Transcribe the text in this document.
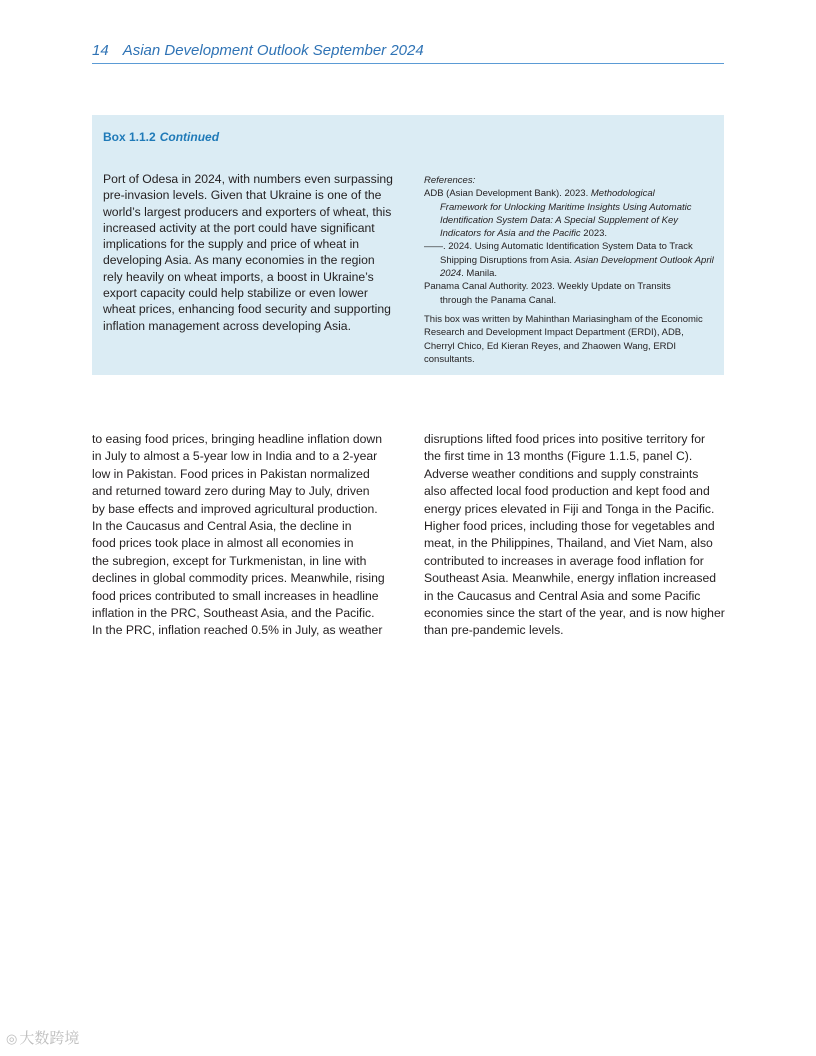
14 Asian Development Outlook September 2024
Box 1.1.2 Continued
Port of Odesa in 2024, with numbers even surpassing
pre-invasion levels. Given that Ukraine is one of the
world’s largest producers and exporters of wheat, this
increased activity at the port could have significant
implications for the supply and price of wheat in
developing Asia. As many economies in the region
rely heavily on wheat imports, a boost in Ukraine’s
export capacity could help stabilize or even lower
wheat prices, enhancing food security and supporting
inflation management across developing Asia.
References:
ADB (Asian Development Bank). 2023. Methodological
Framework for Unlocking Maritime Insights Using Automatic
Identification System Data: A Special Supplement of Key
Indicators for Asia and the Pacific 2023.
——. 2024. Using Automatic Identification System Data to Track
Shipping Disruptions from Asia. Asian Development Outlook April
2024. Manila.
Panama Canal Authority. 2023. Weekly Update on Transits
through the Panama Canal.
This box was written by Mahinthan Mariasingham of the Economic
Research and Development Impact Department (ERDI), ADB,
Cherryl Chico, Ed Kieran Reyes, and Zhaowen Wang, ERDI
consultants.
to easing food prices, bringing headline inflation down
in July to almost a 5-year low in India and to a 2-year
low in Pakistan. Food prices in Pakistan normalized
and returned toward zero during May to July, driven
by base effects and improved agricultural production.
In the Caucasus and Central Asia, the decline in
food prices took place in almost all economies in
the subregion, except for Turkmenistan, in line with
declines in global commodity prices. Meanwhile, rising
food prices contributed to small increases in headline
inflation in the PRC, Southeast Asia, and the Pacific.
In the PRC, inflation reached 0.5% in July, as weather
disruptions lifted food prices into positive territory for
the first time in 13 months (Figure 1.1.5, panel C).
Adverse weather conditions and supply constraints
also affected local food production and kept food and
energy prices elevated in Fiji and Tonga in the Pacific.
Higher food prices, including those for vegetables and
meat, in the Philippines, Thailand, and Viet Nam, also
contributed to increases in average food inflation for
Southeast Asia. Meanwhile, energy inflation increased
in the Caucasus and Central Asia and some Pacific
economies since the start of the year, and is now higher
than pre-pandemic levels.
◎ 大数跨境
